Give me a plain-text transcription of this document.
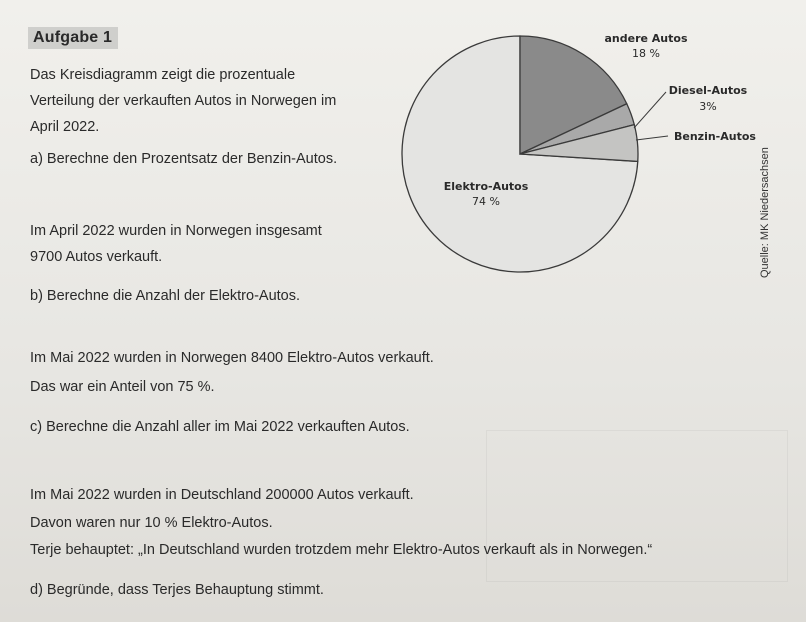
Aufgabe 1
Das Kreisdiagramm zeigt die prozentuale
Verteilung der verkauften Autos in Norwegen im
April 2022.
a) Berechne den Prozentsatz der Benzin-Autos.
Im April 2022 wurden in Norwegen insgesamt
9700 Autos verkauft.
b) Berechne die Anzahl der Elektro-Autos.
Im Mai 2022 wurden in Norwegen 8400 Elektro-Autos verkauft.
Das war ein Anteil von 75 %.
c) Berechne die Anzahl aller im Mai 2022 verkauften Autos.
Im Mai 2022 wurden in Deutschland 200000 Autos verkauft.
Davon waren nur 10 % Elektro-Autos.
Terje behauptet: „In Deutschland wurden trotzdem mehr Elektro-Autos verkauft als in Norwegen.“
d) Begründe, dass Terjes Behauptung stimmt.
Elektro-Autos
74 %
andere Autos
18 %
Diesel-Autos
3%
Benzin-Autos
Quelle: MK Niedersachsen
